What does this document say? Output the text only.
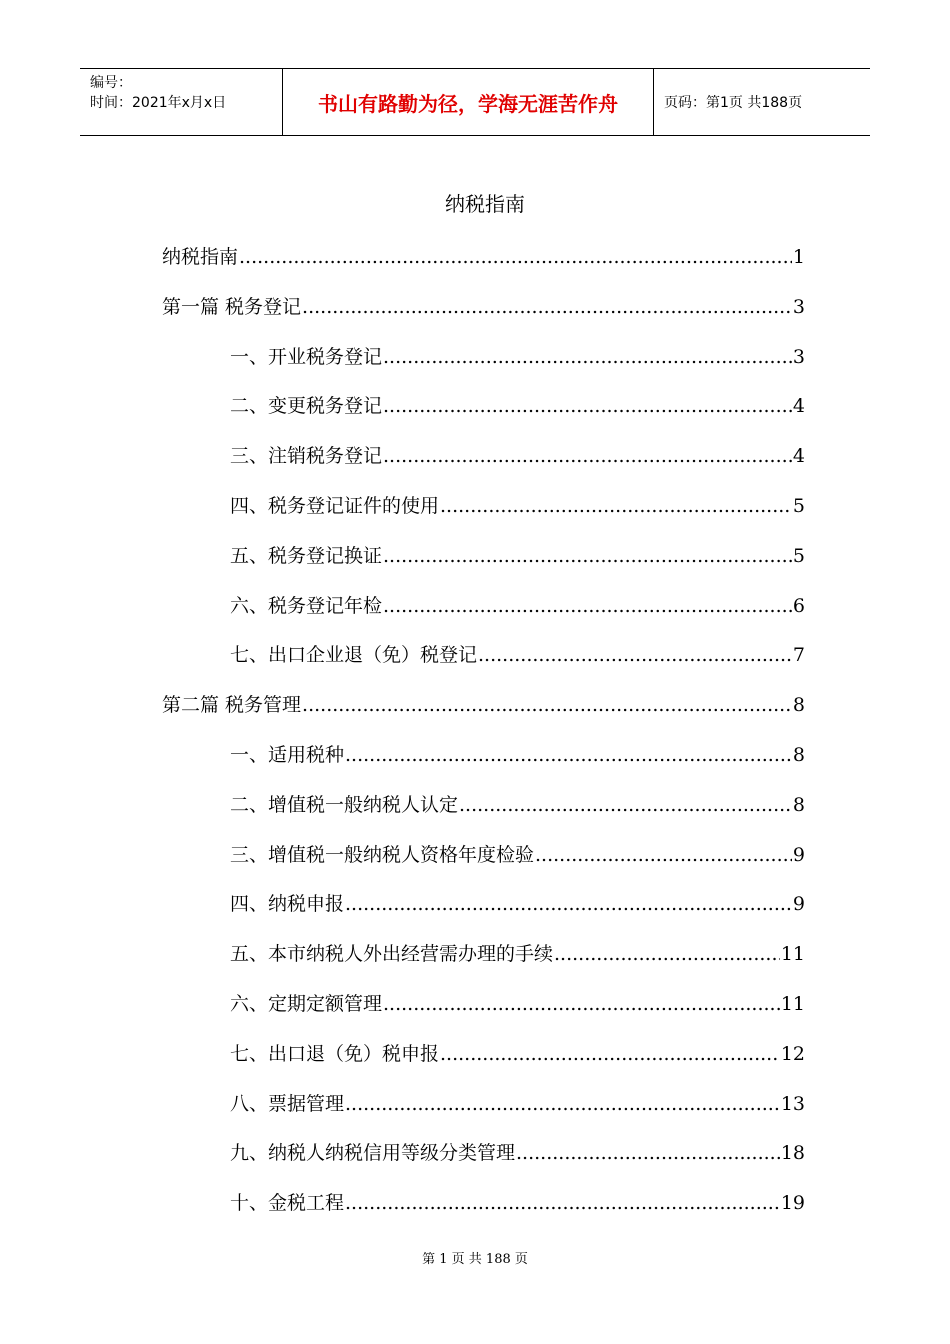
编号：
时间：2021年x月x日	书山有路勤为径，学海无涯苦作舟	页码：第1页 共188页
纳税指南
纳税指南 .....	1
第一篇 税务登记 .....	3
一、开业税务登记 .....	3
二、变更税务登记 .....	4
三、注销税务登记 .....	4
四、税务登记证件的使用 .....	5
五、税务登记换证 .....	5
六、税务登记年检 .....	6
七、出口企业退（免）税登记 .....	7
第二篇 税务管理 .....	8
一、适用税种 .....	8
二、增值税一般纳税人认定 .....	8
三、增值税一般纳税人资格年度检验 .....	9
四、纳税申报 .....	9
五、本市纳税人外出经营需办理的手续 .....	11
六、定期定额管理 .....	11
七、出口退（免）税申报 .....	12
八、票据管理 .....	13
九、纳税人纳税信用等级分类管理 .....	18
十、金税工程 .....	19
第 1 页 共 188 页
